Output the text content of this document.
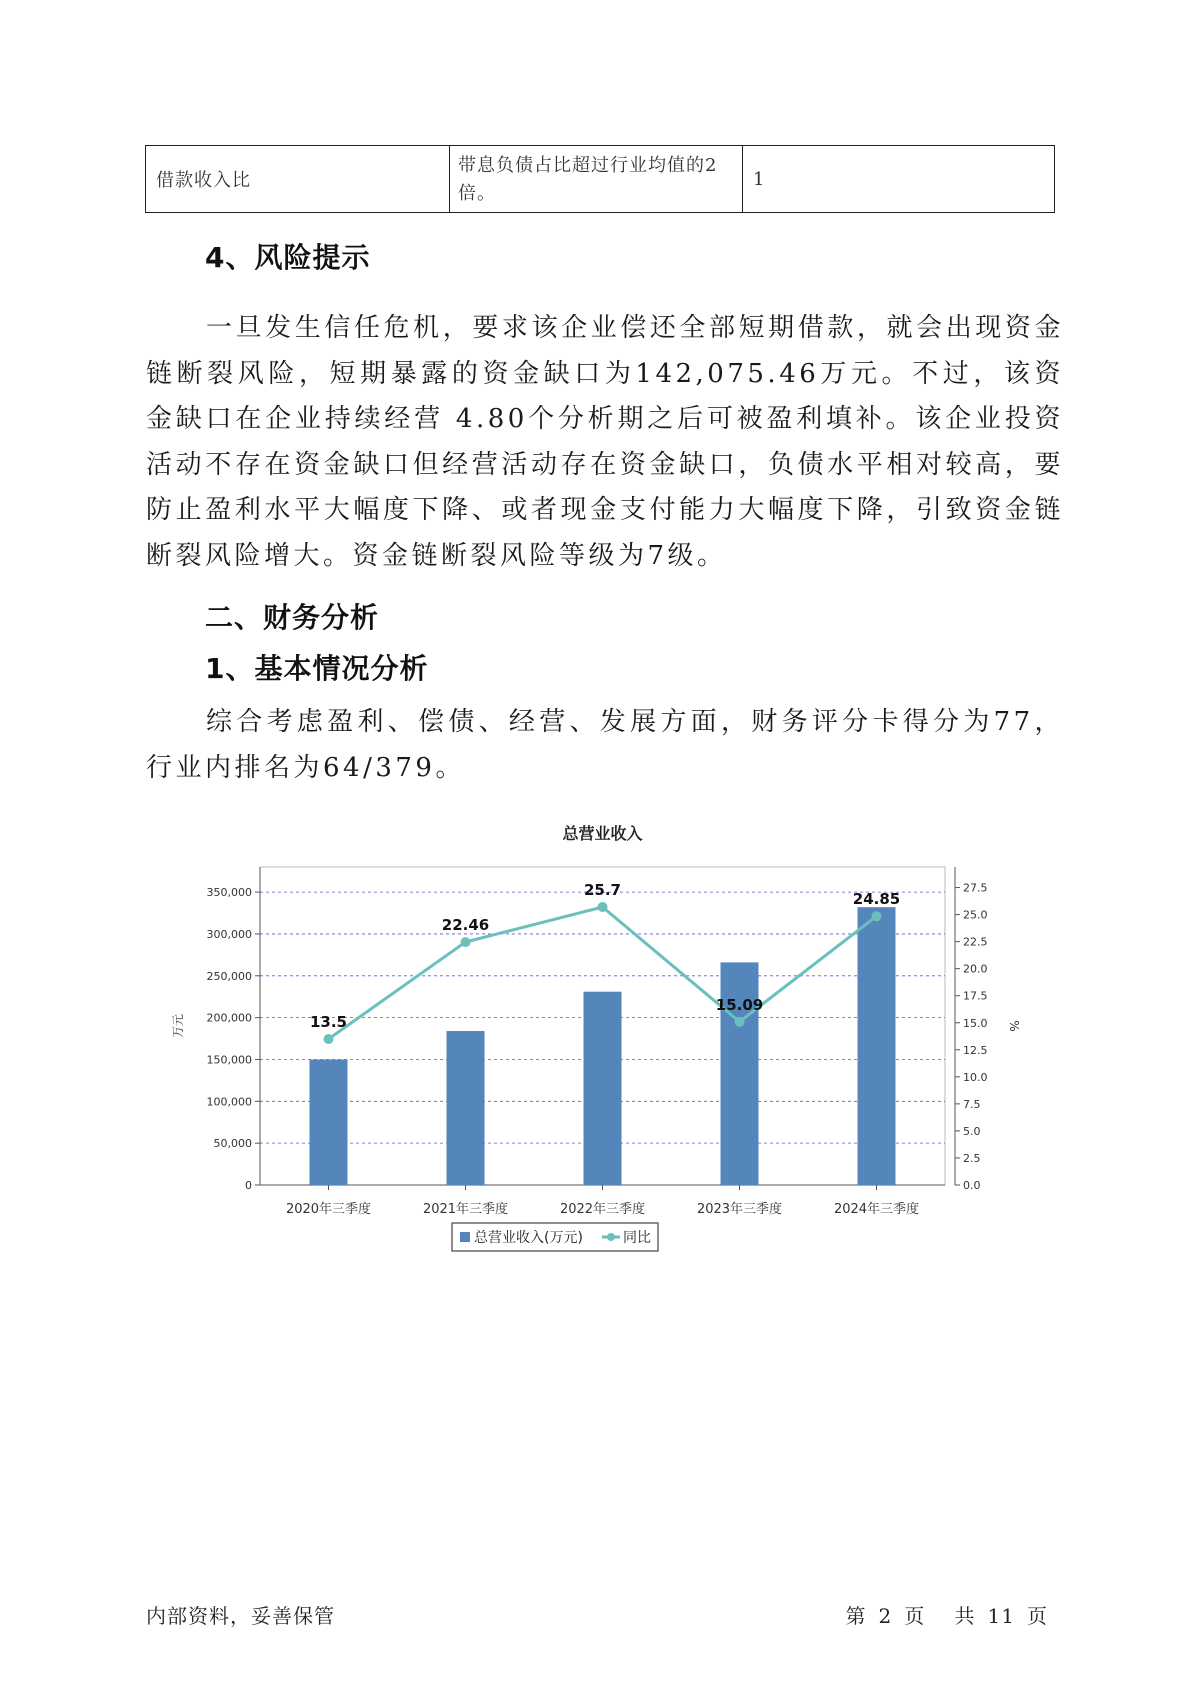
借款收入比	带息负债占比超过行业均值的2倍。	1
4、风险提示

一旦发生信任危机，要求该企业偿还全部短期借款，就会出现资金链断裂风险，短期暴露的资金缺口为142,075.46万元。不过，该资金缺口在企业持续经营 4.80个分析期之后可被盈利填补。该企业投资活动不存在资金缺口但经营活动存在资金缺口，负债水平相对较高，要防止盈利水平大幅度下降、或者现金支付能力大幅度下降，引致资金链断裂风险增大。资金链断裂风险等级为7级。

二、财务分析
1、基本情况分析

综合考虑盈利、偿债、经营、发展方面，财务评分卡得分为77，行业内排名为64/379。

总营业收入
0
50,000
100,000
150,000
200,000
250,000
300,000
350,000
0.0
2.5
5.0
7.5
10.0
12.5
15.0
17.5
20.0
22.5
25.0
27.5
万元	%
2020年三季度	2021年三季度	2022年三季度	2023年三季度	2024年三季度
13.5
22.46
25.7
15.09
24.85
总营业收入(万元)	同比
内部资料，妥善保管	第 2 页 共 11 页
